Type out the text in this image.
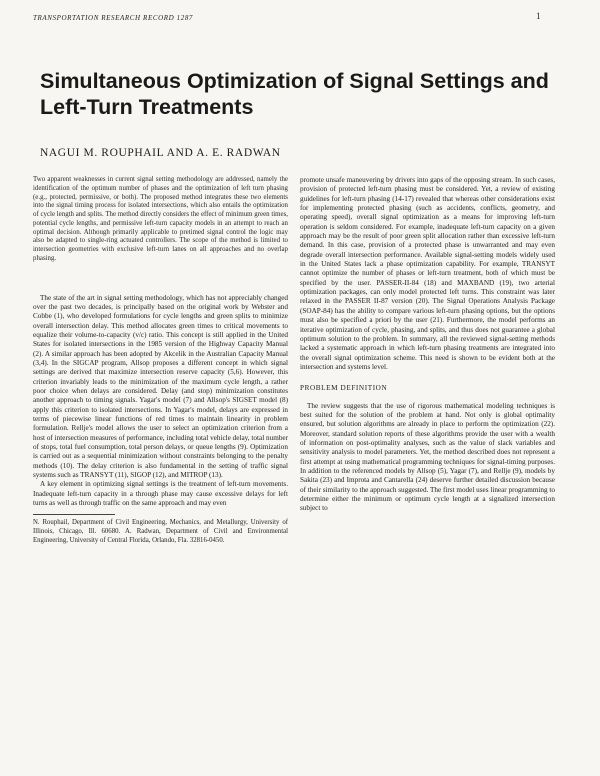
TRANSPORTATION RESEARCH RECORD 1287	1
Simultaneous Optimization of Signal Settings and Left-Turn Treatments
NAGUI M. ROUPHAIL AND A. E. RADWAN

Two apparent weaknesses in current signal setting methodology are addressed, namely the identification of the optimum number of phases and the optimization of left turn phasing (e.g., protected, permissive, or both). The proposed method integrates these two elements into the signal timing process for isolated intersections, which also entails the optimization of cycle length and splits. The method directly considers the effect of minimum green times, potential cycle lengths, and permissive left-turn capacity models in an attempt to reach an optimal decision. Although primarily applicable to pretimed signal control the logic may also be adapted to single-ring actuated controllers. The scope of the method is limited to intersection geometries with exclusive left-turn lanes on all approaches and no overlap phasing.

The state of the art in signal setting methodology, which has not appreciably changed over the past two decades, is principally based on the original work by Webster and Cobbe (1), who developed formulations for cycle lengths and green splits to minimize overall intersection delay. This method allocates green times to critical movements to equalize their volume-to-capacity (v/c) ratio. This concept is still applied in the United States for isolated intersections in the 1985 version of the Highway Capacity Manual (2). A similar approach has been adopted by Akcelik in the Australian Capacity Manual (3,4). In the SIGCAP program, Allsop proposes a different concept in which signal settings are derived that maximize intersection reserve capacity (5,6). However, this criterion invariably leads to the minimization of the maximum cycle length, a rather poor choice when delays are considered. Delay (and stop) minimization constitutes another approach to timing signals. Yagar's model (7) and Allsop's SIGSET model (8) apply this criterion to isolated intersections. In Yagar's model, delays are expressed in terms of piecewise linear functions of red times to maintain linearity in problem formulation. Rellje's model allows the user to select an optimization criterion from a host of intersection measures of performance, including total vehicle delay, total number of stops, total fuel consumption, total person delays, or queue lengths (9). Optimization is carried out as a sequential minimization without constraints belonging to the penalty methods (10). The delay criterion is also fundamental in the setting of traffic signal systems such as TRANSYT (11), SIGOP (12), and MITROP (13).

A key element in optimizing signal settings is the treatment of left-turn movements. Inadequate left-turn capacity in a through phase may cause excessive delays for left turns as well as through traffic on the same approach and may even

N. Rouphail, Department of Civil Engineering, Mechanics, and Metallurgy, University of Illinois, Chicago, Ill. 60680. A. Radwan, Department of Civil and Environmental Engineering, University of Central Florida, Orlando, Fla. 32816-0450.

promote unsafe maneuvering by drivers into gaps of the opposing stream. In such cases, provision of protected left-turn phasing must be considered. Yet, a review of existing guidelines for left-turn phasing (14-17) revealed that whereas other considerations exist for implementing protected phasing (such as accidents, conflicts, geometry, and operating speed), overall signal optimization as a means for improving left-turn operation is seldom considered. For example, inadequate left-turn capacity on a given approach may be the result of poor green split allocation rather than excessive left-turn demand. In this case, provision of a protected phase is unwarranted and may even degrade overall intersection performance. Available signal-setting models widely used in the United States lack a phase optimization capability. For example, TRANSYT cannot optimize the number of phases or left-turn treatment, both of which must be specified by the user. PASSER-II-84 (18) and MAXBAND (19), two arterial optimization packages, can only model protected left turns. This constraint was later relaxed in the PASSER II-87 version (20). The Signal Operations Analysis Package (SOAP-84) has the ability to compare various left-turn phasing options, but the options must also be specified a priori by the user (21). Furthermore, the model performs an iterative optimization of cycle, phasing, and splits, and thus does not guarantee a global optimum solution to the problem. In summary, all the reviewed signal-setting methods lacked a systematic approach in which left-turn phasing treatments are integrated into the overall signal optimization scheme. This need is shown to be evident both at the intersection and systems level.

PROBLEM DEFINITION

The review suggests that the use of rigorous mathematical modeling techniques is best suited for the solution of the problem at hand. Not only is global optimality ensured, but solution algorithms are already in place to perform the optimization (22). Moreover, standard solution reports of these algorithms provide the user with a wealth of information on post-optimality analyses, such as the value of slack variables and sensitivity analysis to model parameters. Yet, the method described does not represent a first attempt at using mathematical programming techniques for signal-timing purposes. In addition to the referenced models by Allsop (5), Yagar (7), and Rellje (9), models by Sakita (23) and Improta and Cantarella (24) deserve further detailed discussion because of their similarity to the approach suggested. The first model uses linear programming to determine either the minimum or optimum cycle length at a signalized intersection subject to
